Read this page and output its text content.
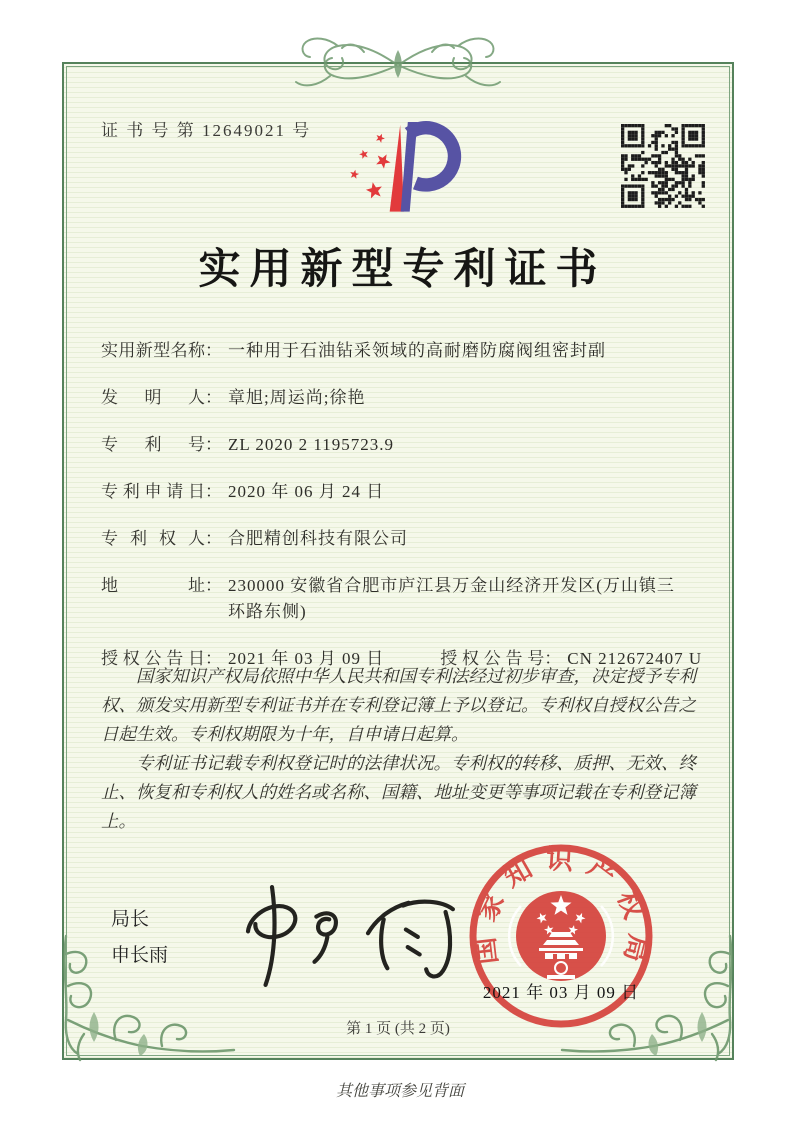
证 书 号 第 12649021 号
实用新型专利证书
实用新型名称 ： 一种用于石油钻采领域的高耐磨防腐阀组密封副
发明人 ： 章旭;周运尚;徐艳
专利号 ： ZL 2020 2 1195723.9
专利申请日 ： 2020 年 06 月 24 日
专利权人 ： 合肥精创科技有限公司
地址 ： 230000 安徽省合肥市庐江县万金山经济开发区(万山镇三环路东侧)
授权公告日 ： 2021 年 03 月 09 日	授权公告号 ： CN 212672407 U

国家知识产权局依照中华人民共和国专利法经过初步审查，决定授予专利权、颁发实用新型专利证书并在专利登记簿上予以登记。专利权自授权公告之日起生效。专利权期限为十年，自申请日起算。

专利证书记载专利权登记时的法律状况。专利权的转移、质押、无效、终止、恢复和专利权人的姓名或名称、国籍、地址变更等事项记载在专利登记簿上。

局长
申长雨	国家知识产权局
2021 年 03 月 09 日
第 1 页 (共 2 页)
其他事项参见背面
